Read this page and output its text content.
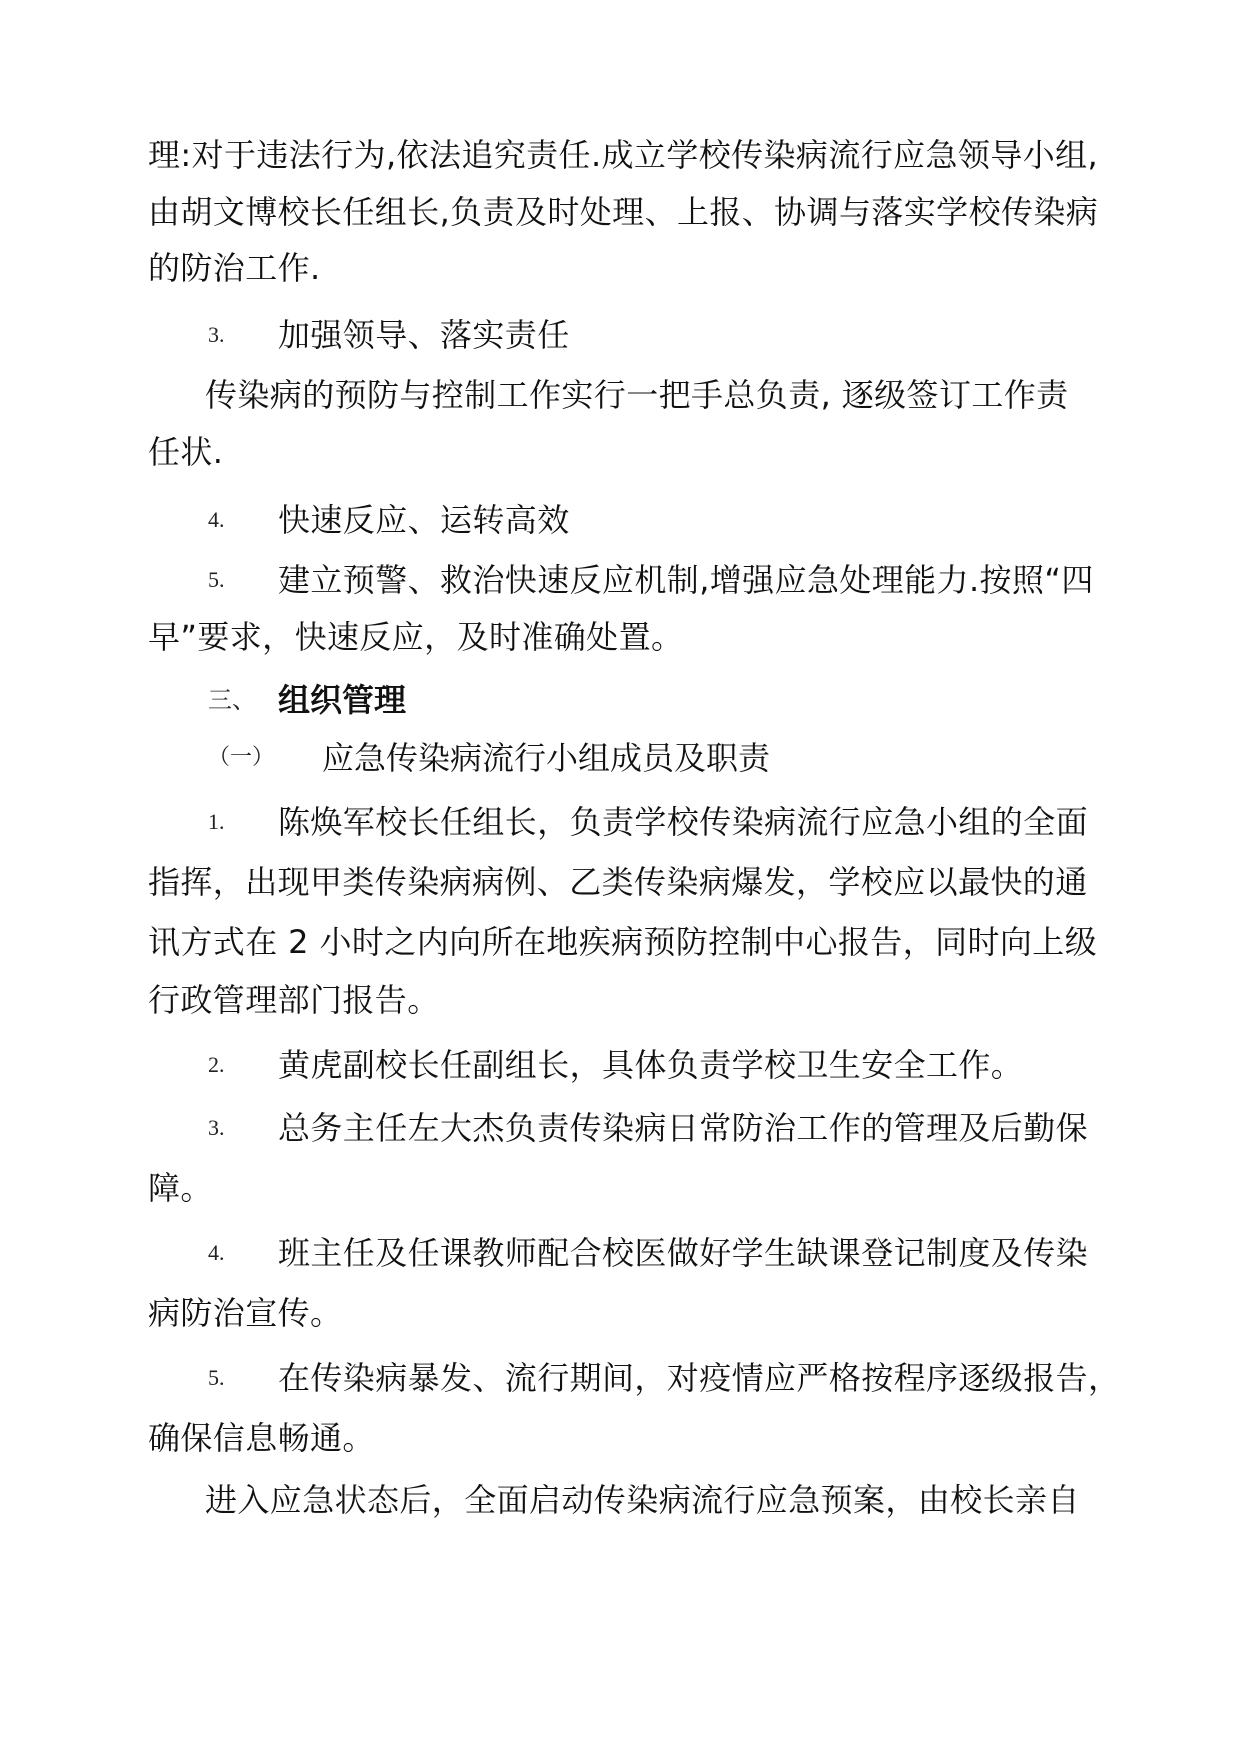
理:对于违法行为,依法追究责任.成立学校传染病流行应急领导小组,
由胡文博校长任组长,负责及时处理、上报、协调与落实学校传染病
的防治工作.
3.	加强领导、落实责任
传染病的预防与控制工作实行一把手总负责, 逐级签订工作责
任状.
4.	快速反应、运转高效
5.	建立预警、救治快速反应机制,增强应急处理能力.按照“四
早”要求，快速反应，及时准确处置。
三、 组织管理
（一）	应急传染病流行小组成员及职责
1.	陈焕军校长任组长，负责学校传染病流行应急小组的全面
指挥，出现甲类传染病病例、乙类传染病爆发，学校应以最快的通
讯方式在 2 小时之内向所在地疾病预防控制中心报告，同时向上级
行政管理部门报告。
2.	黄虎副校长任副组长，具体负责学校卫生安全工作。
3.	总务主任左大杰负责传染病日常防治工作的管理及后勤保
障。
4.	班主任及任课教师配合校医做好学生缺课登记制度及传染
病防治宣传。
5.	在传染病暴发、流行期间，对疫情应严格按程序逐级报告，
确保信息畅通。
进入应急状态后，全面启动传染病流行应急预案，由校长亲自
